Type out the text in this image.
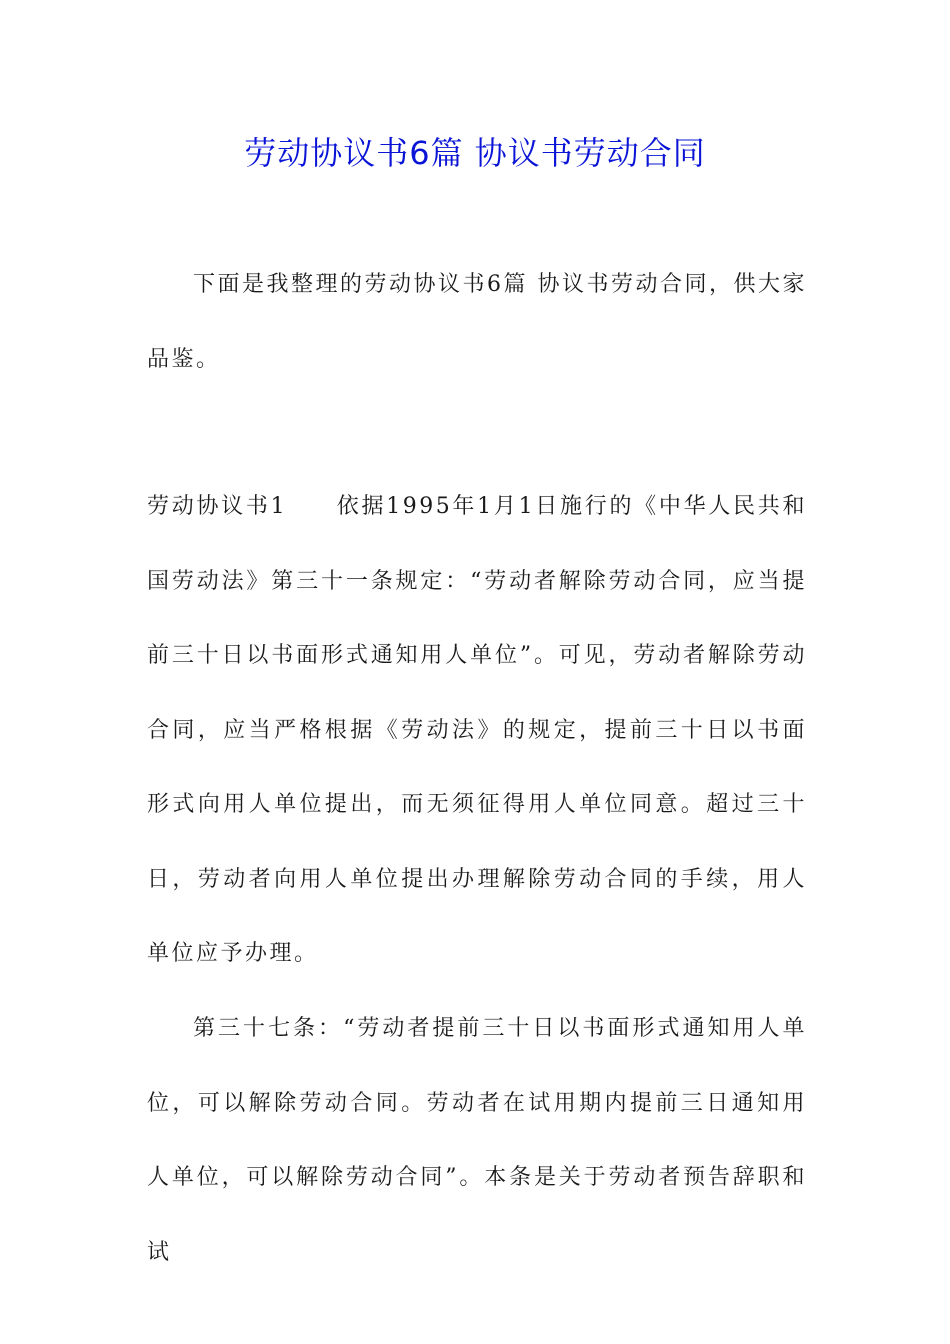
劳动协议书6篇 协议书劳动合同

下面是我整理的劳动协议书6篇 协议书劳动合同，供大家品鉴。

劳动协议书1　　依据1995年1月1日施行的《中华人民共和国劳动法》第三十一条规定：“劳动者解除劳动合同，应当提前三十日以书面形式通知用人单位”。可见，劳动者解除劳动合同，应当严格根据《劳动法》的规定，提前三十日以书面形式向用人单位提出，而无须征得用人单位同意。超过三十日，劳动者向用人单位提出办理解除劳动合同的手续，用人单位应予办理。

第三十七条：“劳动者提前三十日以书面形式通知用人单位，可以解除劳动合同。劳动者在试用期内提前三日通知用人单位，可以解除劳动合同”。本条是关于劳动者预告辞职和试
